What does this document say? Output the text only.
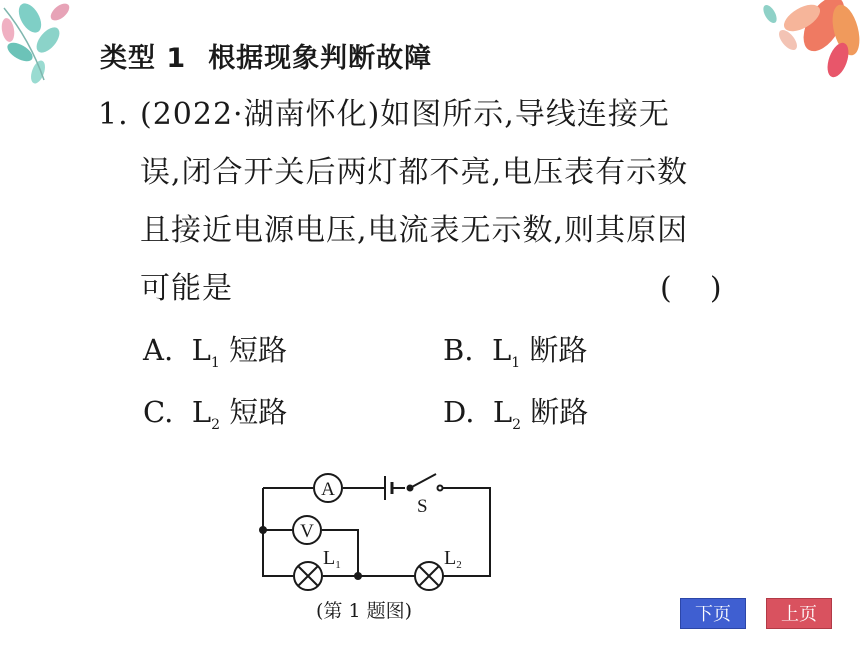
类型 1 根据现象判断故障
1. (2022·湖南怀化)如图所示,导线连接无
误,闭合开关后两灯都不亮,电压表有示数
且接近电源电压,电流表无示数,则其原因
可能是	(    )
A. $L_1$ 短路	B. $L_1$ 断路
C. $L_2$ 短路	D. $L_2$ 断路
A
V
$L_1$	$L_2$
S
(第 1 题图)	下页	上页
